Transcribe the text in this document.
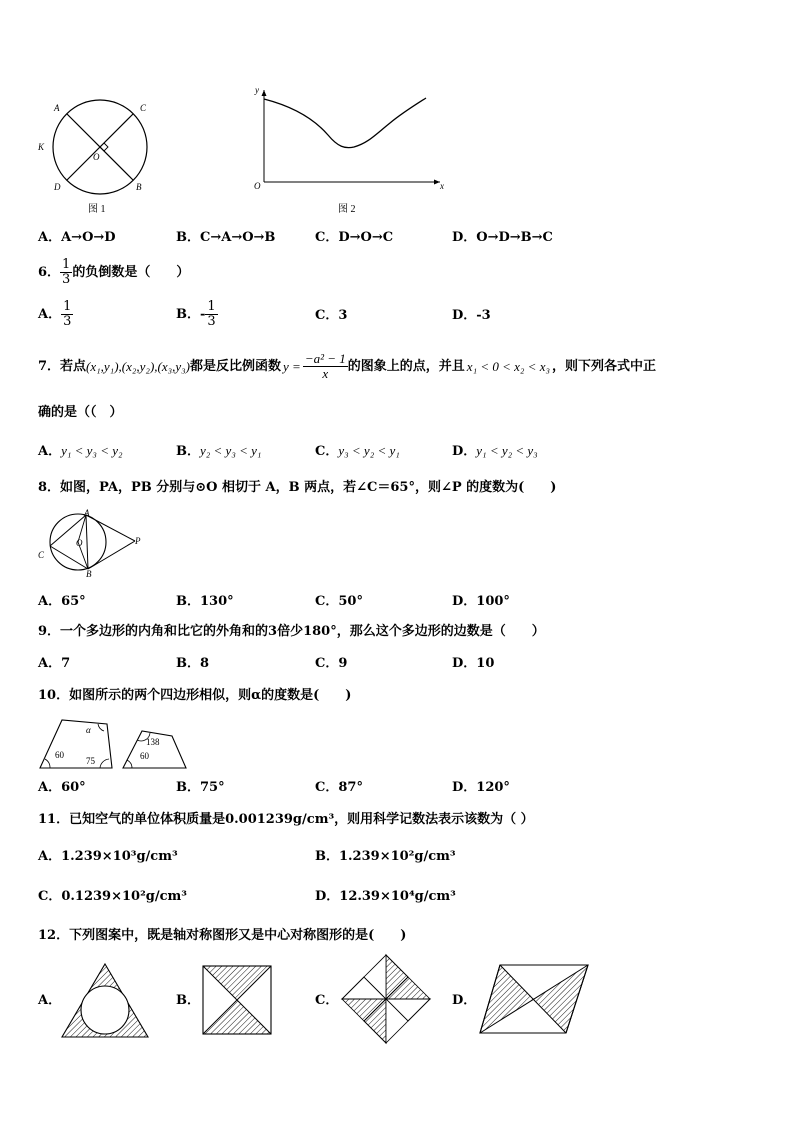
A	C
K
O
D	B
图 1
y
O	x
图 2
A．A→O→D	B．C→A→O→B	C．D→O→C	D．O→D→B→C
6． $\frac{1}{3}$ 的负倒数是（　　）
A． $\frac{1}{3}$	B．- $\frac{1}{3}$	C．3	D．-3
7．若点 (x₁,y₁),(x₂,y₂),(x₃,y₃) 都是反比例函数 $y = \frac{\text{−a² − 1}}{x}$ 的图象上的点，并且 x₁ < 0 < x₂ < x₃ ，则下列各式中正
确的是（（　）
A．y₁ < y₃ < y₂	B．y₂ < y₃ < y₁	C．y₃ < y₂ < y₁	D．y₁ < y₂ < y₃
8．如图，PA，PB 分别与⊙O 相切于 A，B 两点，若∠C＝65°，则∠P 的度数为(　　)
A
C
O	P
B
A．65°	B．130°	C．50°	D．100°
9．一个多边形的内角和比它的外角和的3倍少180°，那么这个多边形的边数是（　　）
A．7	B．8	C．9	D．10
10．如图所示的两个四边形相似，则α的度数是(　　)
α
60
75
138
60
A．60°	B．75°	C．87°	D．120°
11．已知空气的单位体积质量是0.001239g/cm³，则用科学记数法表示该数为（ ）
A．1.239×10³g/cm³	B．1.239×10²g/cm³
C．0.1239×10²g/cm³	D．12.39×10⁴g/cm³
12．下列图案中，既是轴对称图形又是中心对称图形的是(　　)
A．	B．	C．	D．
